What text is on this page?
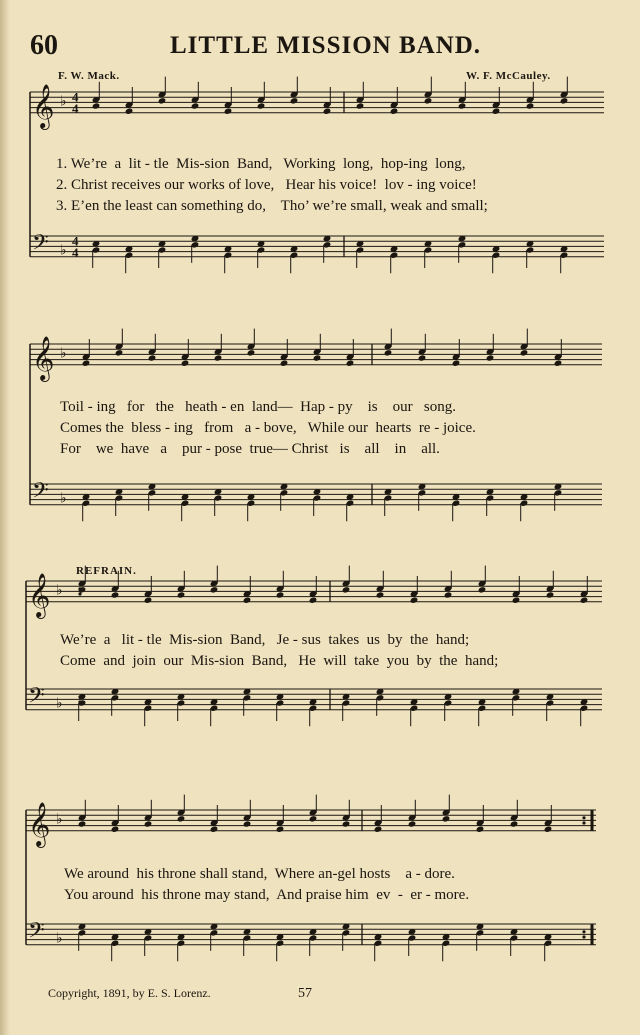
60	LITTLE MISSION BAND.
F. W. Mack.	W. F. McCauley.
REFRAIN.
1. We’re  a  lit - tle  Mis-sion  Band,   Working  long,  hop-ing  long,
2. Christ receives our works of love,   Hear his voice!  lov - ing voice!
3. E’en the least can something do,    Tho’ we’re small, weak and small;
Toil - ing   for   the   heath - en  land—  Hap - py    is    our   song.
Comes the  bless - ing   from   a - bove,   While our  hearts  re - joice.
For    we  have   a    pur - pose  true— Christ   is    all    in    all.
We’re  a   lit - tle  Mis-sion  Band,   Je - sus  takes  us  by  the  hand;
Come  and  join  our  Mis-sion  Band,   He  will  take  you  by  the  hand;
We around  his throne shall stand,  Where an-gel hosts    a - dore.
You around  his throne may stand,  And praise him  ev  -  er - more.
Copyright, 1891, by E. S. Lorenz.	57
𝄞 ♭ 4
4
𝄢 ♭
4
4
𝄞 ♭
𝄢 ♭
𝄞 ♭
𝄢 ♭
𝄞 ♭
𝄢 ♭
